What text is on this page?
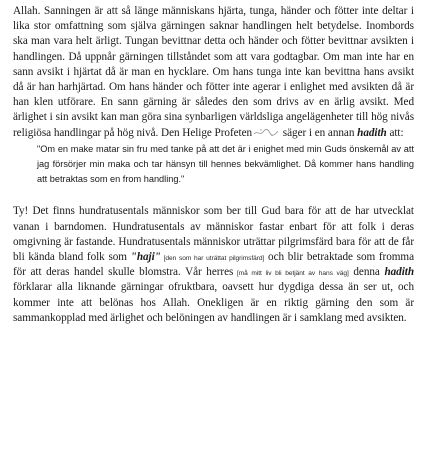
Allah. Sanningen är att så länge människans hjärta, tunga, händer och fötter inte deltar i lika stor omfattning som själva gärningen saknar handlingen helt betydelse. Inombords ska man vara helt ärligt. Tungan bevittnar detta och händer och fötter bevittnar avsikten i handlingen. Då uppnår gärningen tillståndet som att vara godtagbar. Om man inte har en sann avsikt i hjärtat då är man en hycklare. Om hans tunga inte kan bevittna hans avsikt då är han harhjärtad. Om hans händer och fötter inte agerar i enlighet med avsikten då är han klen utförare. En sann gärning är således den som drivs av en ärlig avsikt. Med ärlighet i sin avsikt kan man göra sina synbarligen världsliga angelägenheter till hög nivås religiösa handlingar på hög nivå. Den Helige Profeten	säger i en annan hadith att:

"Om en make matar sin fru med tanke på att det är i enighet med min Guds önskemål av att jag försörjer min maka och tar hänsyn till hennes bekvämlighet. Då kommer hans handling att betraktas som en from handling."

Ty! Det finns hundratusentals människor som ber till Gud bara för att de har utvecklat vanan i barndomen. Hundratusentals av människor fastar enbart för att folk i deras omgivning är fastande. Hundratusentals människor uträttar pilgrimsfärd bara för att de får bli kända bland folk som "haji" [den som har uträttat pilgrimsfärd] och blir betraktade som fromma för att deras handel skulle blomstra. Vår herres [må mitt liv bli betjänt av hans väg] denna hadith förklarar alla liknande gärningar ofruktbara, oavsett hur dygdiga dessa än ser ut, och kommer inte att belönas hos Allah. Onekligen är en riktig gärning den som är sammankopplad med ärlighet och belöningen av handlingen är i samklang med avsikten.
